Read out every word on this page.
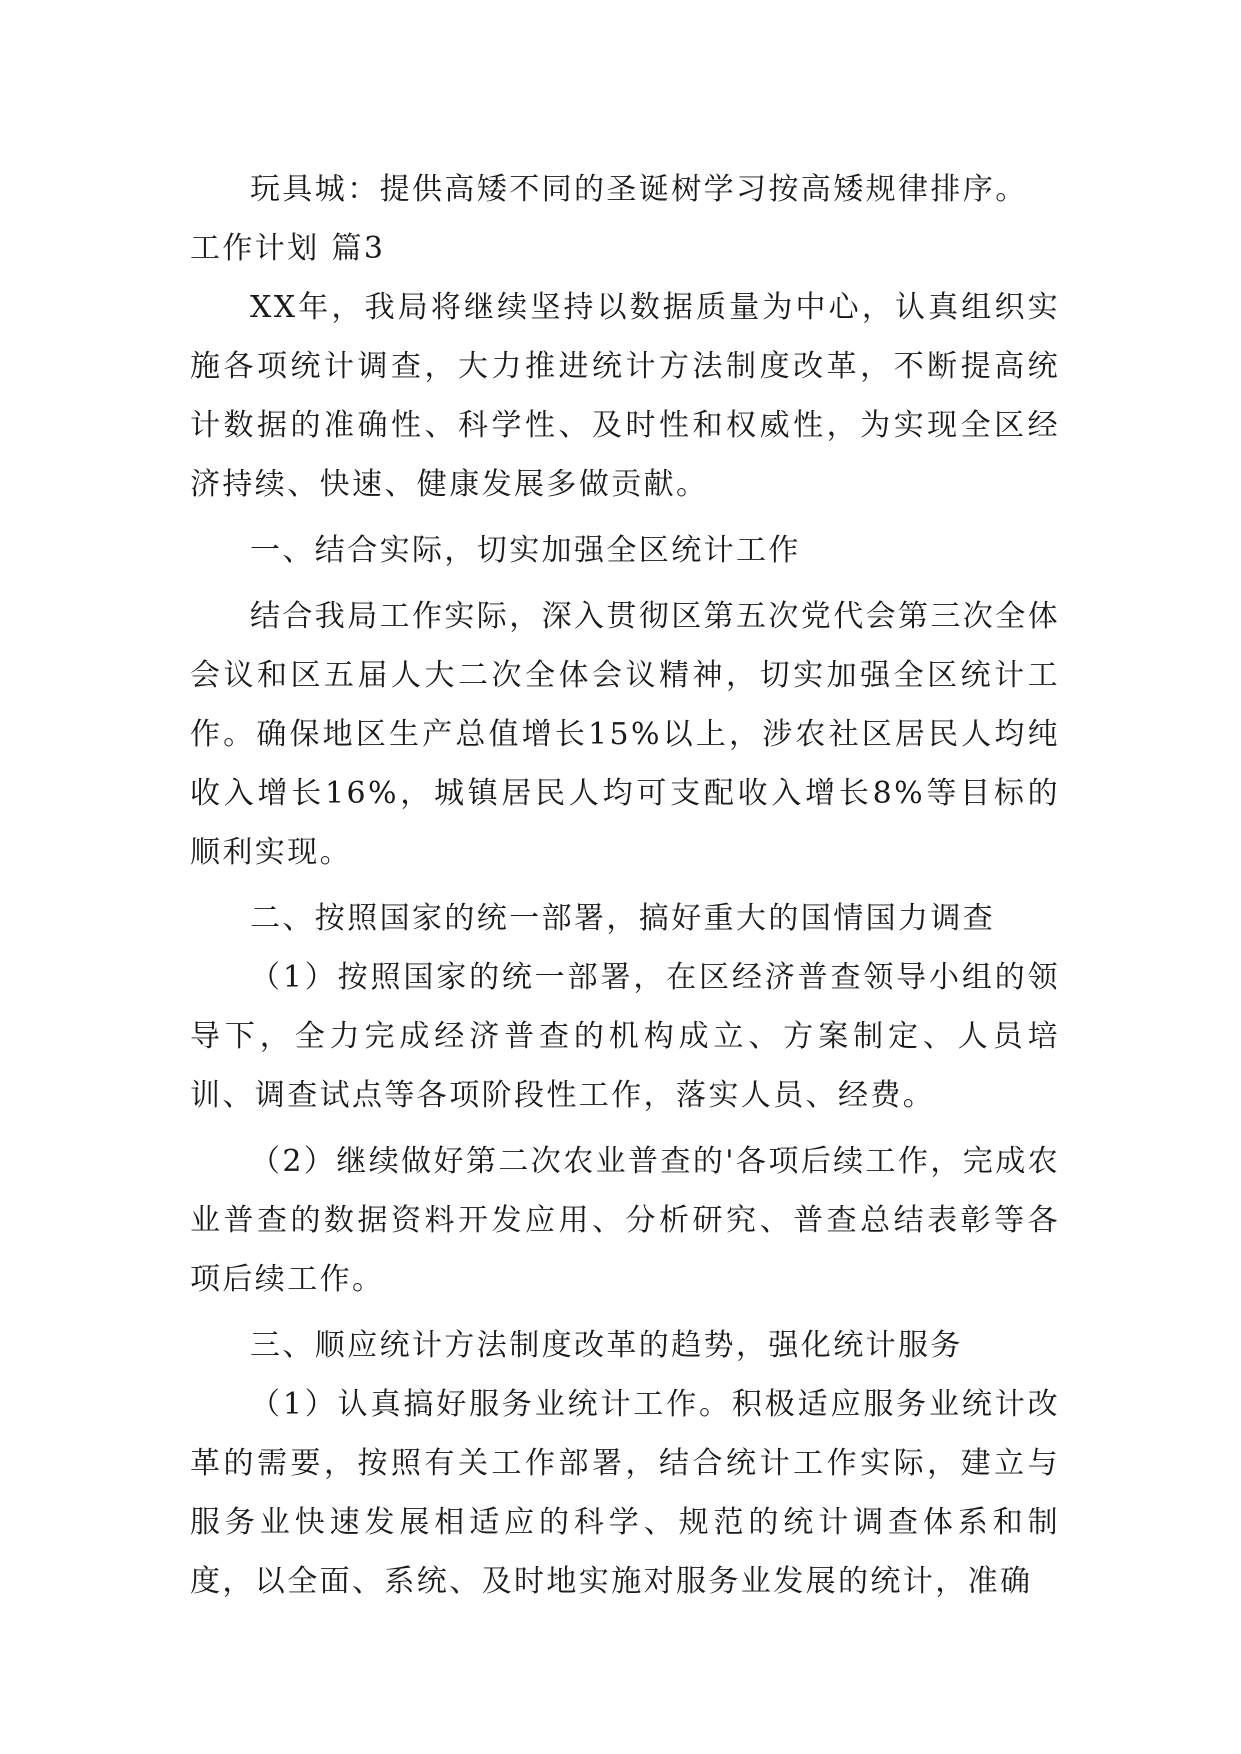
玩具城：提供高矮不同的圣诞树学习按高矮规律排序。

工作计划 篇3

XX年，我局将继续坚持以数据质量为中心，认真组织实施各项统计调查，大力推进统计方法制度改革，不断提高统计数据的准确性、科学性、及时性和权威性，为实现全区经济持续、快速、健康发展多做贡献。

一、结合实际，切实加强全区统计工作

结合我局工作实际，深入贯彻区第五次党代会第三次全体会议和区五届人大二次全体会议精神，切实加强全区统计工作。确保地区生产总值增长15%以上，涉农社区居民人均纯收入增长16%，城镇居民人均可支配收入增长8%等目标的顺利实现。

二、按照国家的统一部署，搞好重大的国情国力调查

（1）按照国家的统一部署，在区经济普查领导小组的领导下，全力完成经济普查的机构成立、方案制定、人员培训、调查试点等各项阶段性工作，落实人员、经费。

（2）继续做好第二次农业普查的'各项后续工作，完成农业普查的数据资料开发应用、分析研究、普查总结表彰等各项后续工作。

三、顺应统计方法制度改革的趋势，强化统计服务

（1）认真搞好服务业统计工作。积极适应服务业统计改革的需要，按照有关工作部署，结合统计工作实际，建立与服务业快速发展相适应的科学、规范的统计调查体系和制度，以全面、系统、及时地实施对服务业发展的统计，准确
